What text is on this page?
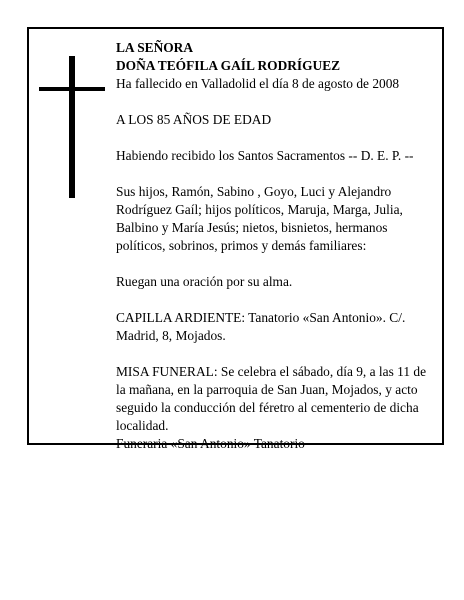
LA SEÑORA

DOÑA TEÓFILA GAÍL RODRÍGUEZ

Ha fallecido en Valladolid el día 8 de agosto de 2008

A LOS 85 AÑOS DE EDAD

Habiendo recibido los Santos Sacramentos -- D. E. P. --

Sus hijos, Ramón, Sabino , Goyo, Luci y Alejandro Rodríguez Gaíl; hijos políticos, Maruja, Marga, Julia, Balbino y María Jesús; nietos, bisnietos, hermanos políticos, sobrinos, primos y demás familiares:

Ruegan una oración por su alma.

CAPILLA ARDIENTE: Tanatorio «San Antonio». C/. Madrid, 8, Mojados.

MISA FUNERAL: Se celebra el sábado, día 9, a las 11 de la mañana, en la parroquia de San Juan, Mojados, y acto seguido la conducción del féretro al cementerio de dicha localidad.

Funeraria «San Antonio» Tanatorio
